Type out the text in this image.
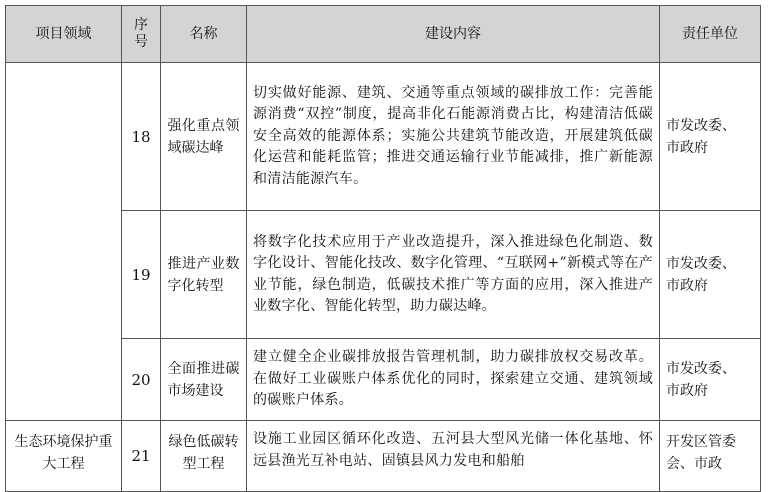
项目领域	序号	名称	建设内容	责任单位
	18	强化重点领域碳达峰	切实做好能源、建筑、交通等重点领域的碳排放工作：完善能源消费“双控”制度，提高非化石能源消费占比，构建清洁低碳安全高效的能源体系；实施公共建筑节能改造，开展建筑低碳化运营和能耗监管；推进交通运输行业节能减排，推广新能源和清洁能源汽车。	市发改委、市政府

	19	推进产业数字化转型	将数字化技术应用于产业改造提升，深入推进绿色化制造、数字化设计、智能化技改、数字化管理、“互联网+”新模式等在产业节能，绿色制造，低碳技术推广等方面的应用，深入推进产业数字化、智能化转型，助力碳达峰。	市发改委、市政府

	20	全面推进碳市场建设	建立健全企业碳排放报告管理机制，助力碳排放权交易改革。在做好工业碳账户体系优化的同时，探索建立交通、建筑领域的碳账户体系。	市发改委、市政府

生态环境保护重大工程	21	绿色低碳转型工程	设施工业园区循环化改造、五河县大型风光储一体化基地、怀远县渔光互补电站、固镇县风力发电和船舶	开发区管委会、市政
